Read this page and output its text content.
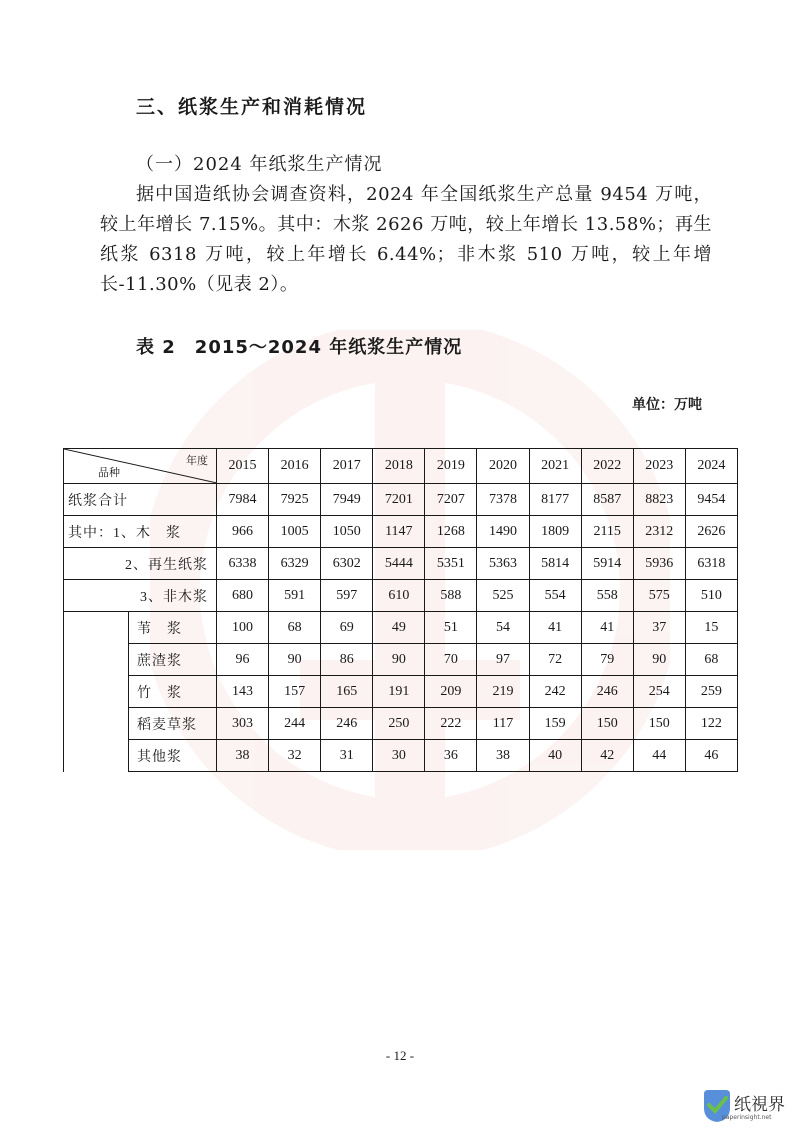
三、纸浆生产和消耗情况
（一）2024 年纸浆生产情况
据中国造纸协会调查资料，2024 年全国纸浆生产总量 9454 万吨，较上年增长 7.15%。其中：木浆 2626 万吨，较上年增长 13.58%；再生纸浆 6318 万吨，较上年增长 6.44%；非木浆 510 万吨，较上年增长-11.30%（见表 2）。
表 2　2015～2024 年纸浆生产情况
单位：万吨
年度
品种		2015	2016	2017	2018	2019	2020	2021	2022	2023	2024
纸浆合计		7984	7925	7949	7201	7207	7378	8177	8587	8823	9454
其中：1、木　浆		966	1005	1050	1147	1268	1490	1809	2115	2312	2626
2、再生纸浆		6338	6329	6302	5444	5351	5363	5814	5914	5936	6318
3、非木浆		680	591	597	610	588	525	554	558	575	510
	苇　浆	100	68	69	49	51	54	41	41	37	15
	蔗渣浆	96	90	86	90	70	97	72	79	90	68
	竹　浆	143	157	165	191	209	219	242	246	254	259
	稻麦草浆	303	244	246	250	222	117	159	150	150	122
	其他浆	38	32	31	30	36	38	40	42	44	46
- 12 -
纸視界
paperinsight.net
